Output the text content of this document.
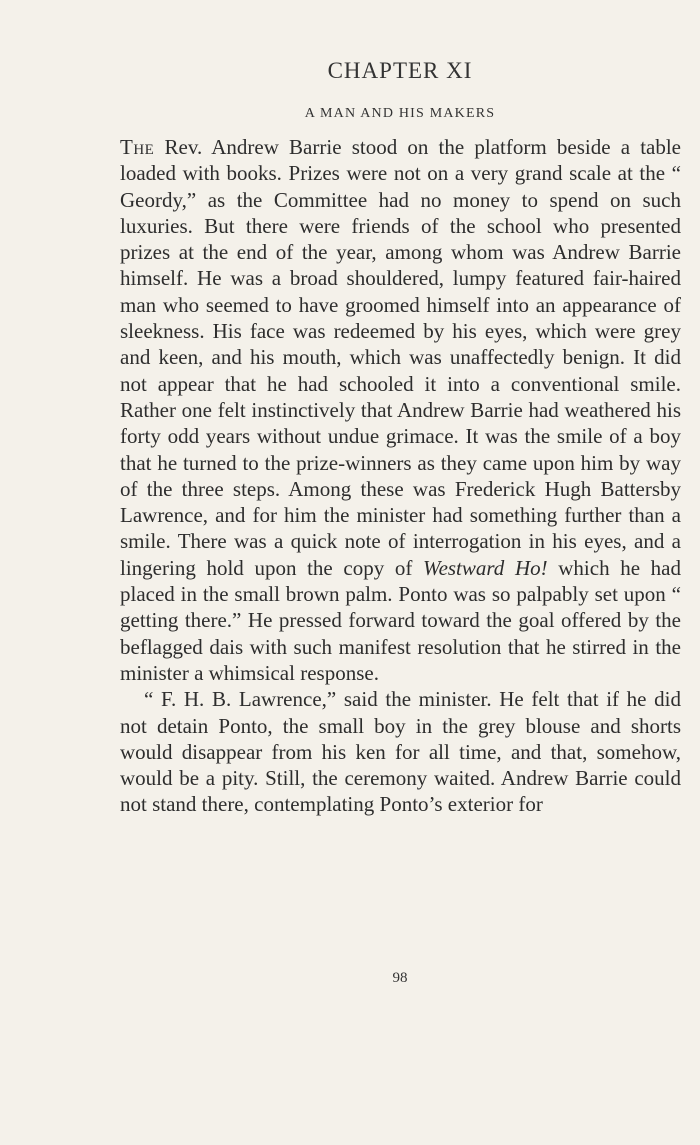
CHAPTER XI
A MAN AND HIS MAKERS

The Rev. Andrew Barrie stood on the platform beside a table loaded with books. Prizes were not on a very grand scale at the “ Geordy,” as the Committee had no money to spend on such luxuries. But there were friends of the school who presented prizes at the end of the year, among whom was Andrew Barrie himself. He was a broad shouldered, lumpy featured fair-haired man who seemed to have groomed himself into an appearance of sleekness. His face was redeemed by his eyes, which were grey and keen, and his mouth, which was unaffectedly benign. It did not appear that he had schooled it into a conventional smile. Rather one felt instinctively that Andrew Barrie had weathered his forty odd years without undue grimace. It was the smile of a boy that he turned to the prize-winners as they came upon him by way of the three steps. Among these was Frederick Hugh Battersby Lawrence, and for him the minister had something further than a smile. There was a quick note of interrogation in his eyes, and a lingering hold upon the copy of Westward Ho! which he had placed in the small brown palm. Ponto was so palpably set upon “ getting there.” He pressed forward toward the goal offered by the beflagged dais with such manifest resolution that he stirred in the minister a whimsical response.

“ F. H. B. Lawrence,” said the minister. He felt that if he did not detain Ponto, the small boy in the grey blouse and shorts would disappear from his ken for all time, and that, somehow, would be a pity. Still, the ceremony waited. Andrew Barrie could not stand there, contemplating Ponto’s exterior for

98
